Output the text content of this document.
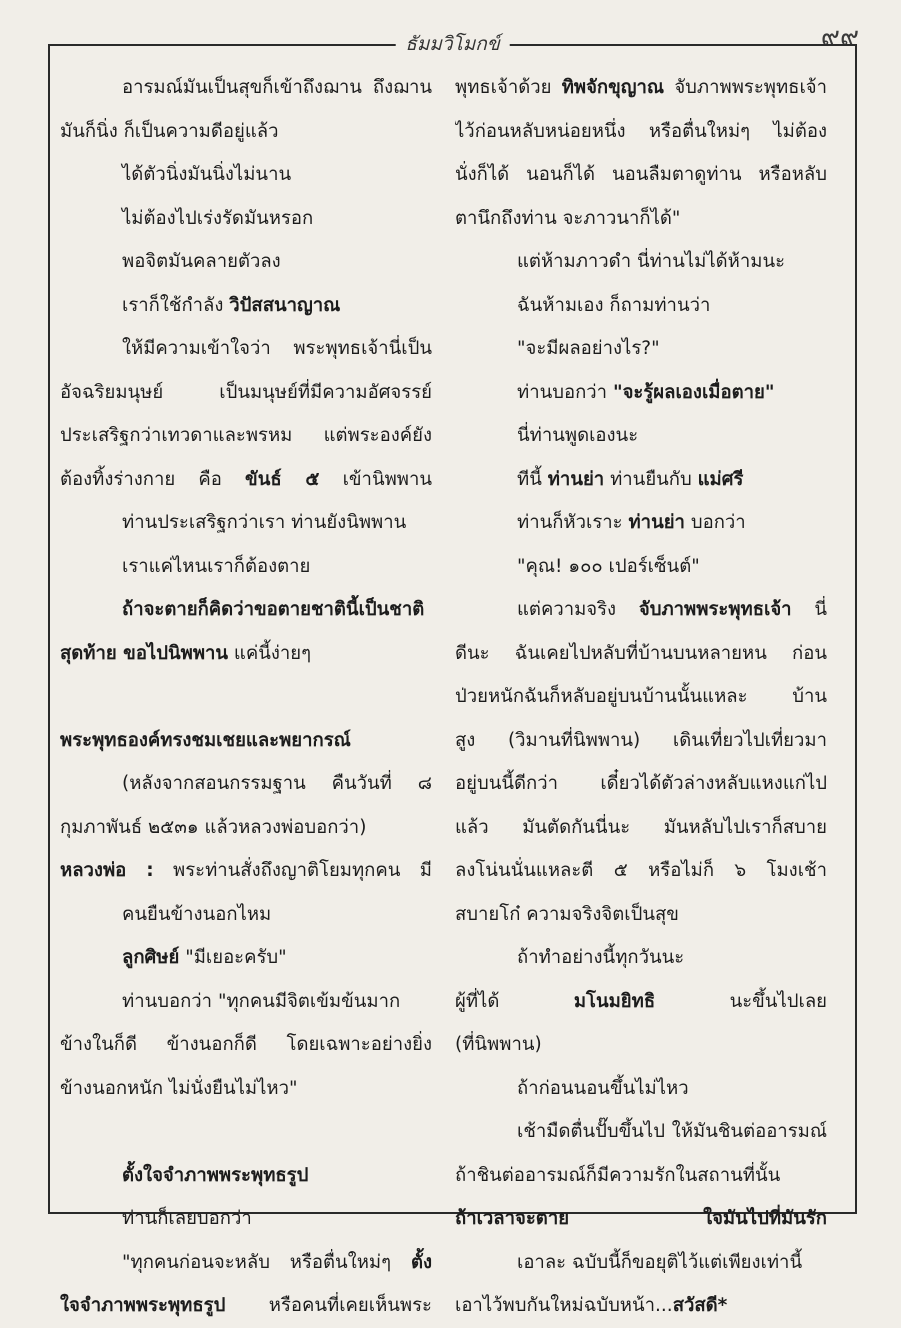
๙๙
ธัมมวิโมกข์
อารมณ์มันเป็นสุขก็เข้าถึงฌาน ถึงฌาน
มันก็นิ่ง ก็เป็นความดีอยู่แล้ว
ได้ตัวนิ่งมันนิ่งไม่นาน
ไม่ต้องไปเร่งรัดมันหรอก
พอจิตมันคลายตัวลง
เราก็ใช้กำลัง วิปัสสนาญาณ
ให้มีความเข้าใจว่า พระพุทธเจ้านี่เป็น
อัจฉริยมนุษย์ เป็นมนุษย์ที่มีความอัศจรรย์
ประเสริฐกว่าเทวดาและพรหม แต่พระองค์ยัง
ต้องทิ้งร่างกาย คือ ขันธ์ ๕ เข้านิพพาน
ท่านประเสริฐกว่าเรา ท่านยังนิพพาน
เราแค่ไหนเราก็ต้องตาย
ถ้าจะตายก็คิดว่าขอตายชาตินี้เป็นชาติ
สุดท้าย ขอไปนิพพาน แค่นี้ง่ายๆ
พระพุทธองค์ทรงชมเชยและพยากรณ์
(หลังจากสอนกรรมฐาน คืนวันที่ ๘
กุมภาพันธ์ ๒๕๓๑ แล้วหลวงพ่อบอกว่า)
หลวงพ่อ : พระท่านสั่งถึงญาติโยมทุกคน มี
คนยืนข้างนอกไหม
ลูกศิษย์ "มีเยอะครับ"
ท่านบอกว่า "ทุกคนมีจิตเข้มข้นมาก
ข้างในก็ดี ข้างนอกก็ดี โดยเฉพาะอย่างยิ่ง
ข้างนอกหนัก ไม่นั่งยืนไม่ไหว"
ตั้งใจจำภาพพระพุทธรูป
ท่านก็เลยบอกว่า
"ทุกคนก่อนจะหลับ หรือตื่นใหม่ๆ ตั้ง
ใจจำภาพพระพุทธรูป หรือคนที่เคยเห็นพระ
พุทธเจ้าด้วย ทิพจักขุญาณ จับภาพพระพุทธเจ้า
ไว้ก่อนหลับหน่อยหนึ่ง หรือตื่นใหม่ๆ ไม่ต้อง
นั่งก็ได้ นอนก็ได้ นอนลืมตาดูท่าน หรือหลับ
ตานึกถึงท่าน จะภาวนาก็ได้"
แต่ห้ามภาวดำ นี่ท่านไม่ได้ห้ามนะ
ฉันห้ามเอง ก็ถามท่านว่า
"จะมีผลอย่างไร?"
ท่านบอกว่า "จะรู้ผลเองเมื่อตาย"
นี่ท่านพูดเองนะ
ทีนี้ ท่านย่า ท่านยืนกับ แม่ศรี
ท่านก็หัวเราะ ท่านย่า บอกว่า
"คุณ! ๑๐๐ เปอร์เซ็นต์"
แต่ความจริง จับภาพพระพุทธเจ้า นี่
ดีนะ ฉันเคยไปหลับที่บ้านบนหลายหน ก่อน
ป่วยหนักฉันก็หลับอยู่บนบ้านนั้นแหละ บ้าน
สูง (วิมานที่นิพพาน) เดินเที่ยวไปเที่ยวมา
อยู่บนนี้ดีกว่า เดี๋ยวได้ตัวล่างหลับแหงแก่ไป
แล้ว มันตัดกันนี่นะ มันหลับไปเราก็สบาย
ลงโน่นนั่นแหละตี ๕ หรือไม่ก็ ๖ โมงเช้า
สบายโก๋ ความจริงจิตเป็นสุข
ถ้าทำอย่างนี้ทุกวันนะ
ผู้ที่ได้ มโนมยิทธิ นะขึ้นไปเลย
(ที่นิพพาน)
ถ้าก่อนนอนขึ้นไม่ไหว
เช้ามืดตื่นปั๊บขึ้นไป ให้มันชินต่ออารมณ์
ถ้าชินต่ออารมณ์ก็มีความรักในสถานที่นั้น
ถ้าเวลาจะตาย ใจมันไปที่มันรัก
เอาละ ฉบับนี้ก็ขอยุติไว้แต่เพียงเท่านี้
เอาไว้พบกันใหม่ฉบับหน้า...สวัสดี*
